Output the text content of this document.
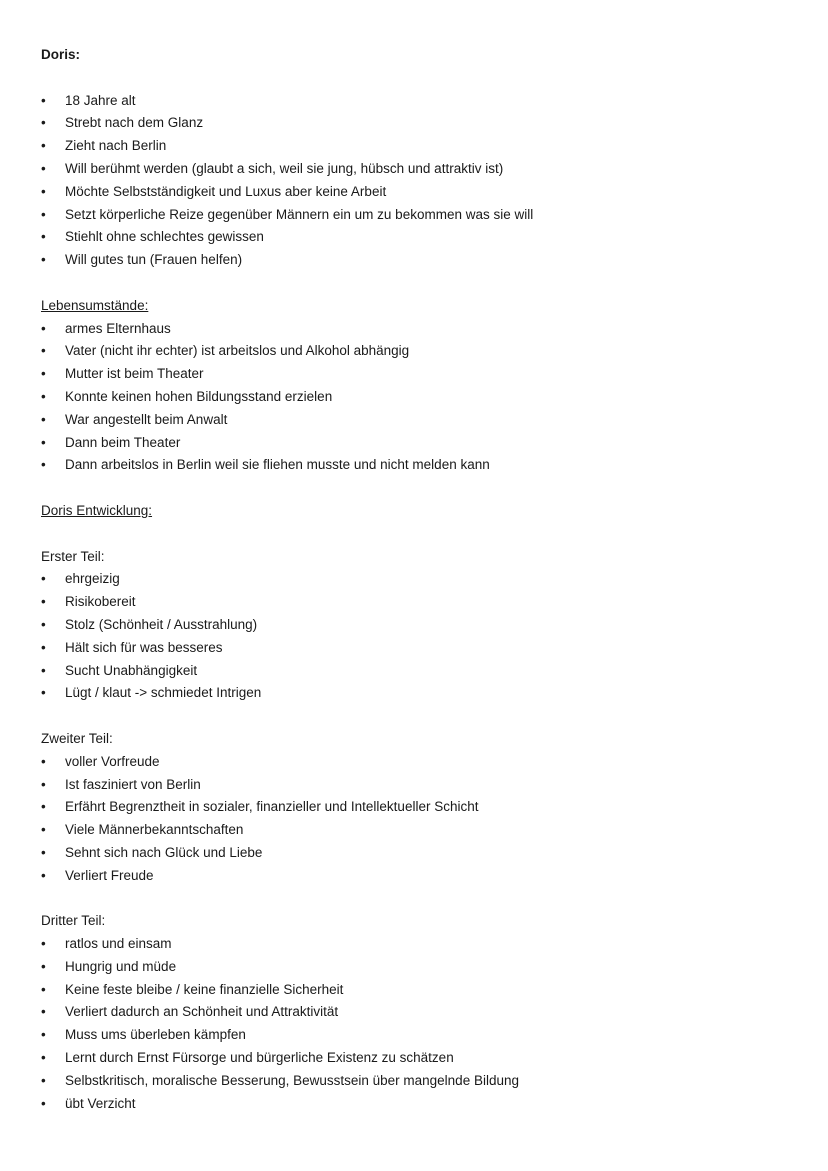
Doris:
•	18 Jahre alt
•	Strebt nach dem Glanz
•	Zieht nach Berlin
•	Will berühmt werden (glaubt a sich, weil sie jung, hübsch und attraktiv ist)
•	Möchte Selbstständigkeit und Luxus aber keine Arbeit
•	Setzt körperliche Reize gegenüber Männern ein um zu bekommen was sie will
•	Stiehlt ohne schlechtes gewissen
•	Will gutes tun (Frauen helfen)
Lebensumstände:
•	armes Elternhaus
•	Vater (nicht ihr echter) ist arbeitslos und Alkohol abhängig
•	Mutter ist beim Theater
•	Konnte keinen hohen Bildungsstand erzielen
•	War angestellt beim Anwalt
•	Dann beim Theater
•	Dann arbeitslos in Berlin weil sie fliehen musste und nicht melden kann
Doris Entwicklung:
Erster Teil:
•	ehrgeizig
•	Risikobereit
•	Stolz (Schönheit / Ausstrahlung)
•	Hält sich für was besseres
•	Sucht Unabhängigkeit
•	Lügt / klaut -> schmiedet Intrigen
Zweiter Teil:
•	voller Vorfreude
•	Ist fasziniert von Berlin
•	Erfährt Begrenztheit in sozialer, finanzieller und Intellektueller Schicht
•	Viele Männerbekanntschaften
•	Sehnt sich nach Glück und Liebe
•	Verliert Freude
Dritter Teil:
•	ratlos und einsam
•	Hungrig und müde
•	Keine feste bleibe / keine finanzielle Sicherheit
•	Verliert dadurch an Schönheit und Attraktivität
•	Muss ums überleben kämpfen
•	Lernt durch Ernst Fürsorge und bürgerliche Existenz zu schätzen
•	Selbstkritisch, moralische Besserung, Bewusstsein über mangelnde Bildung
•	übt Verzicht
